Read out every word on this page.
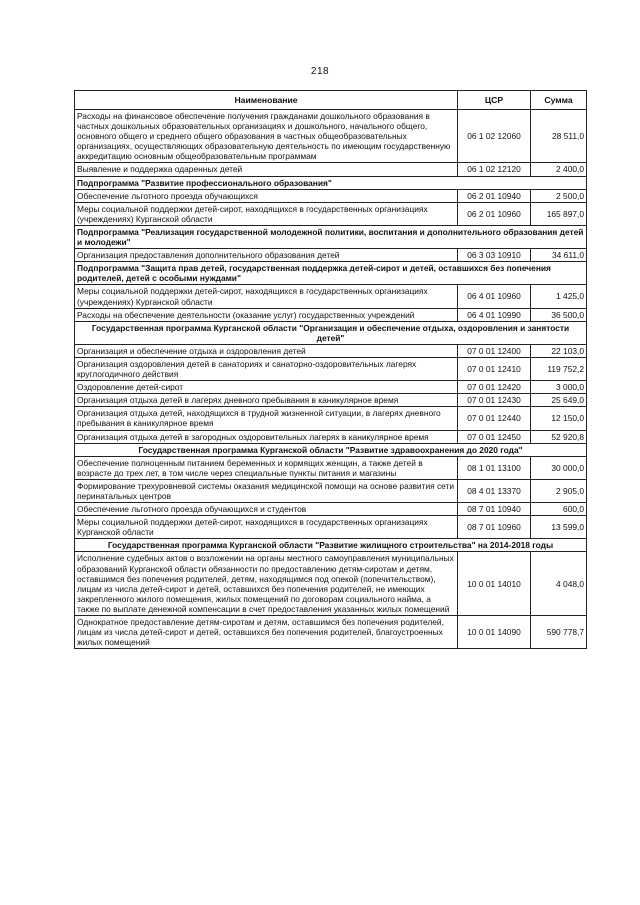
218
Наименование	ЦСР	Сумма
Расходы на финансовое обеспечение получения гражданами дошкольного образования в частных дошкольных образовательных организациях и дошкольного, начального общего, основного общего и среднего общего образования в частных общеобразовательных организациях, осуществляющих образовательную деятельность по имеющим государственную аккредитацию основным общеобразовательным программам	06 1 02 12060	28 511,0
Выявление и поддержка одаренных детей	06 1 02 12120	2 400,0
Подпрограмма "Развитие профессионального образования"		
Обеспечение льготного проезда обучающихся	06 2 01 10940	2 500,0
Меры социальной поддержки детей-сирот, находящихся в государственных организациях (учреждениях) Курганской области	06 2 01 10960	165 897,0
Подпрограмма "Реализация государственной молодежной политики, воспитания и дополнительного образования детей и молодежи"		
Организация предоставления дополнительного образования детей	06 3 03 10910	34 611,0
Подпрограмма "Защита прав детей, государственная поддержка детей-сирот и детей, оставшихся без попечения родителей, детей с особыми нуждами"		
Меры социальной поддержки детей-сирот, находящихся в государственных организациях (учреждениях) Курганской области	06 4 01 10960	1 425,0
Расходы на обеспечение деятельности (оказание услуг) государственных учреждений	06 4 01 10990	36 500,0
Государственная программа Курганской области "Организация и обеспечение отдыха, оздоровления и занятости детей"		
Организация и обеспечение отдыха и оздоровления детей	07 0 01 12400	22 103,0
Организация оздоровления детей в санаториях и санаторно-оздоровительных лагерях круглогодичного действия	07 0 01 12410	119 752,2
Оздоровление детей-сирот	07 0 01 12420	3 000,0
Организация отдыха детей в лагерях дневного пребывания в каникулярное время	07 0 01 12430	25 649,0
Организация отдыха детей, находящихся в трудной жизненной ситуации, в лагерях дневного пребывания в каникулярное время	07 0 01 12440	12 150,0
Организация отдыха детей в загородных оздоровительных лагерях в каникулярное время	07 0 01 12450	52 920,8
Государственная программа Курганской области "Развитие здравоохранения до 2020 года"		
Обеспечение полноценным питанием беременных и кормящих женщин, а также детей в возрасте до трех лет, в том числе через специальные пункты питания и магазины	08 1 01 13100	30 000,0
Формирование трехуровневой системы оказания медицинской помощи на основе развития сети перинатальных центров	08 4 01 13370	2 905,0
Обеспечение льготного проезда обучающихся и студентов	08 7 01 10940	600,0
Меры социальной поддержки детей-сирот, находящихся в государственных организациях Курганской области	08 7 01 10960	13 599,0
Государственная программа Курганской области "Развитие жилищного строительства" на 2014-2018 годы		
Исполнение судебных актов о возложении на органы местного самоуправления муниципальных образований Курганской области обязанности по предоставлению детям-сиротам и детям, оставшимся без попечения родителей, детям, находящимся под опекой (попечительством), лицам из числа детей-сирот и детей, оставшихся без попечения родителей, не имеющих закрепленного жилого помещения, жилых помещений по договорам социального найма, а также по выплате денежной компенсации в счет предоставления указанных жилых помещений	10 0 01 14010	4 048,0
Однократное предоставление детям-сиротам и детям, оставшимся без попечения родителей, лицам из числа детей-сирот и детей, оставшихся без попечения родителей, благоустроенных жилых помещений	10 0 01 14090	590 778,7
